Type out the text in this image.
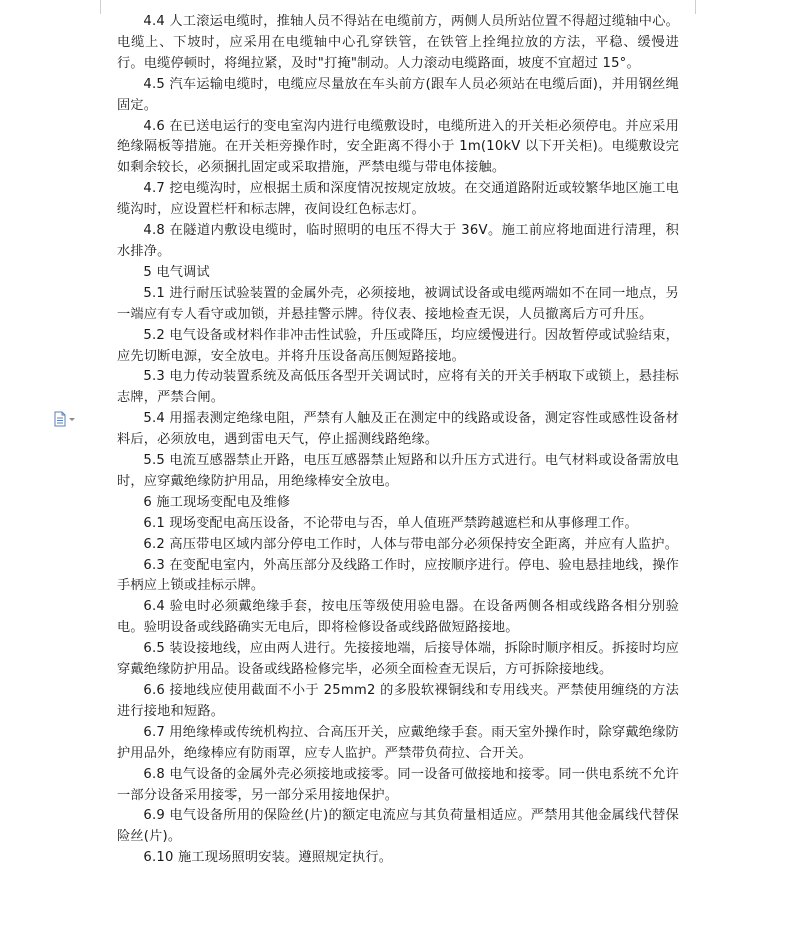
4.4 人工滚运电缆时，推轴人员不得站在电缆前方，两侧人员所站位置不得超过缆轴中心。电缆上、下坡时，应采用在电缆轴中心孔穿铁管，在铁管上拴绳拉放的方法，平稳、缓慢进行。电缆停顿时，将绳拉紧，及时"打掩"制动。人力滚动电缆路面，坡度不宜超过 15°。

4.5 汽车运输电缆时，电缆应尽量放在车头前方(跟车人员必须站在电缆后面)，并用钢丝绳固定。

4.6 在已送电运行的变电室沟内进行电缆敷设时，电缆所进入的开关柜必须停电。并应采用绝缘隔板等措施。在开关柜旁操作时，安全距离不得小于 1m(10kV 以下开关柜)。电缆敷设完如剩余较长，必须捆扎固定或采取措施，严禁电缆与带电体接触。

4.7 挖电缆沟时，应根据土质和深度情况按规定放坡。在交通道路附近或较繁华地区施工电缆沟时，应设置栏杆和标志牌，夜间设红色标志灯。

4.8 在隧道内敷设电缆时，临时照明的电压不得大于 36V。施工前应将地面进行清理，积水排净。

5 电气调试

5.1 进行耐压试验装置的金属外壳，必须接地，被调试设备或电缆两端如不在同一地点，另一端应有专人看守或加锁，并悬挂警示牌。待仪表、接地检查无误，人员撤离后方可升压。

5.2 电气设备或材料作非冲击性试验，升压或降压，均应缓慢进行。因故暂停或试验结束，应先切断电源，安全放电。并将升压设备高压侧短路接地。

5.3 电力传动装置系统及高低压各型开关调试时，应将有关的开关手柄取下或锁上，悬挂标志牌，严禁合闸。

5.4 用摇表测定绝缘电阻，严禁有人触及正在测定中的线路或设备，测定容性或感性设备材料后，必须放电，遇到雷电天气，停止摇测线路绝缘。

5.5 电流互感器禁止开路，电压互感器禁止短路和以升压方式进行。电气材料或设备需放电时，应穿戴绝缘防护用品，用绝缘棒安全放电。

6 施工现场变配电及维修

6.1 现场变配电高压设备，不论带电与否，单人值班严禁跨越遮栏和从事修理工作。

6.2 高压带电区域内部分停电工作时，人体与带电部分必须保持安全距离，并应有人监护。

6.3 在变配电室内，外高压部分及线路工作时，应按顺序进行。停电、验电悬挂地线，操作手柄应上锁或挂标示牌。

6.4 验电时必须戴绝缘手套，按电压等级使用验电器。在设备两侧各相或线路各相分别验电。验明设备或线路确实无电后，即将检修设备或线路做短路接地。

6.5 装设接地线，应由两人进行。先接接地端，后接导体端，拆除时顺序相反。拆接时均应穿戴绝缘防护用品。设备或线路检修完毕，必须全面检查无误后，方可拆除接地线。

6.6 接地线应使用截面不小于 25mm2 的多股软裸铜线和专用线夹。严禁使用缠绕的方法进行接地和短路。

6.7 用绝缘棒或传统机构拉、合高压开关，应戴绝缘手套。雨天室外操作时，除穿戴绝缘防护用品外，绝缘棒应有防雨罩，应专人监护。严禁带负荷拉、合开关。

6.8 电气设备的金属外壳必须接地或接零。同一设备可做接地和接零。同一供电系统不允许一部分设备采用接零，另一部分采用接地保护。

6.9 电气设备所用的保险丝(片)的额定电流应与其负荷量相适应。严禁用其他金属线代替保险丝(片)。

6.10 施工现场照明安装。遵照规定执行。
